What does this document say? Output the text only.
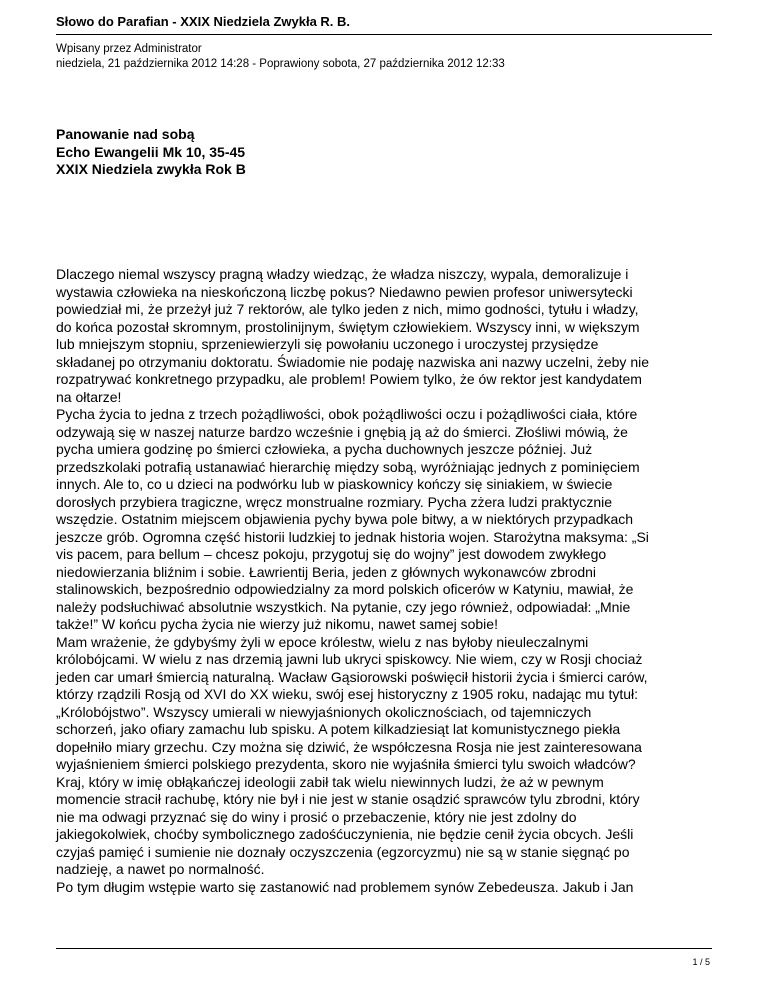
Słowo do Parafian - XXIX Niedziela Zwykła R. B.
Wpisany przez Administrator
niedziela, 21 października 2012 14:28 - Poprawiony sobota, 27 października 2012 12:33
Panowanie nad sobą
Echo Ewangelii Mk 10, 35-45
XXIX Niedziela zwykła Rok B
Dlaczego niemal wszyscy pragną władzy wiedząc, że władza niszczy, wypala, demoralizuje i
wystawia człowieka na nieskończoną liczbę pokus? Niedawno pewien profesor uniwersytecki
powiedział mi, że przeżył już 7 rektorów, ale tylko jeden z nich, mimo godności, tytułu i władzy,
do końca pozostał skromnym, prostolinijnym, świętym człowiekiem. Wszyscy inni, w większym
lub mniejszym stopniu, sprzeniewierzyli się powołaniu uczonego i uroczystej przysiędze
składanej po otrzymaniu doktoratu. Świadomie nie podaję nazwiska ani nazwy uczelni, żeby nie
rozpatrywać konkretnego przypadku, ale problem! Powiem tylko, że ów rektor jest kandydatem
na ołtarze!
Pycha życia to jedna z trzech pożądliwości, obok pożądliwości oczu i pożądliwości ciała, które
odzywają się w naszej naturze bardzo wcześnie i gnębią ją aż do śmierci. Złośliwi mówią, że
pycha umiera godzinę po śmierci człowieka, a pycha duchownych jeszcze później. Już
przedszkolaki potrafią ustanawiać hierarchię między sobą, wyróżniając jednych z pominięciem
innych. Ale to, co u dzieci na podwórku lub w piaskownicy kończy się siniakiem, w świecie
dorosłych przybiera tragiczne, wręcz monstrualne rozmiary. Pycha zżera ludzi praktycznie
wszędzie. Ostatnim miejscem objawienia pychy bywa pole bitwy, a w niektórych przypadkach
jeszcze grób. Ogromna część historii ludzkiej to jednak historia wojen. Starożytna maksyma: „Si
vis pacem, para bellum – chcesz pokoju, przygotuj się do wojny” jest dowodem zwykłego
niedowierzania bliźnim i sobie. Ławrientij Beria, jeden z głównych wykonawców zbrodni
stalinowskich, bezpośrednio odpowiedzialny za mord polskich oficerów w Katyniu, mawiał, że
należy podsłuchiwać absolutnie wszystkich. Na pytanie, czy jego również, odpowiadał: „Mnie
także!” W końcu pycha życia nie wierzy już nikomu, nawet samej sobie!
Mam wrażenie, że gdybyśmy żyli w epoce królestw, wielu z nas byłoby nieuleczalnymi
królobójcami. W wielu z nas drzemią jawni lub ukryci spiskowcy. Nie wiem, czy w Rosji chociaż
jeden car umarł śmiercią naturalną. Wacław Gąsiorowski poświęcił historii życia i śmierci carów,
którzy rządzili Rosją od XVI do XX wieku, swój esej historyczny z 1905 roku, nadając mu tytuł:
„Królobójstwo”. Wszyscy umierali w niewyjaśnionych okolicznościach, od tajemniczych
schorzeń, jako ofiary zamachu lub spisku. A potem kilkadziesiąt lat komunistycznego piekła
dopełniło miary grzechu. Czy można się dziwić, że współczesna Rosja nie jest zainteresowana
wyjaśnieniem śmierci polskiego prezydenta, skoro nie wyjaśniła śmierci tylu swoich władców?
Kraj, który w imię obłąkańczej ideologii zabił tak wielu niewinnych ludzi, że aż w pewnym
momencie stracił rachubę, który nie był i nie jest w stanie osądzić sprawców tylu zbrodni, który
nie ma odwagi przyznać się do winy i prosić o przebaczenie, który nie jest zdolny do
jakiegokolwiek, choćby symbolicznego zadośćuczynienia, nie będzie cenił życia obcych. Jeśli
czyjaś pamięć i sumienie nie doznały oczyszczenia (egzorcyzmu) nie są w stanie sięgnąć po
nadzieję, a nawet po normalność.
Po tym długim wstępie warto się zastanowić nad problemem synów Zebedeusza. Jakub i Jan
1 / 5
